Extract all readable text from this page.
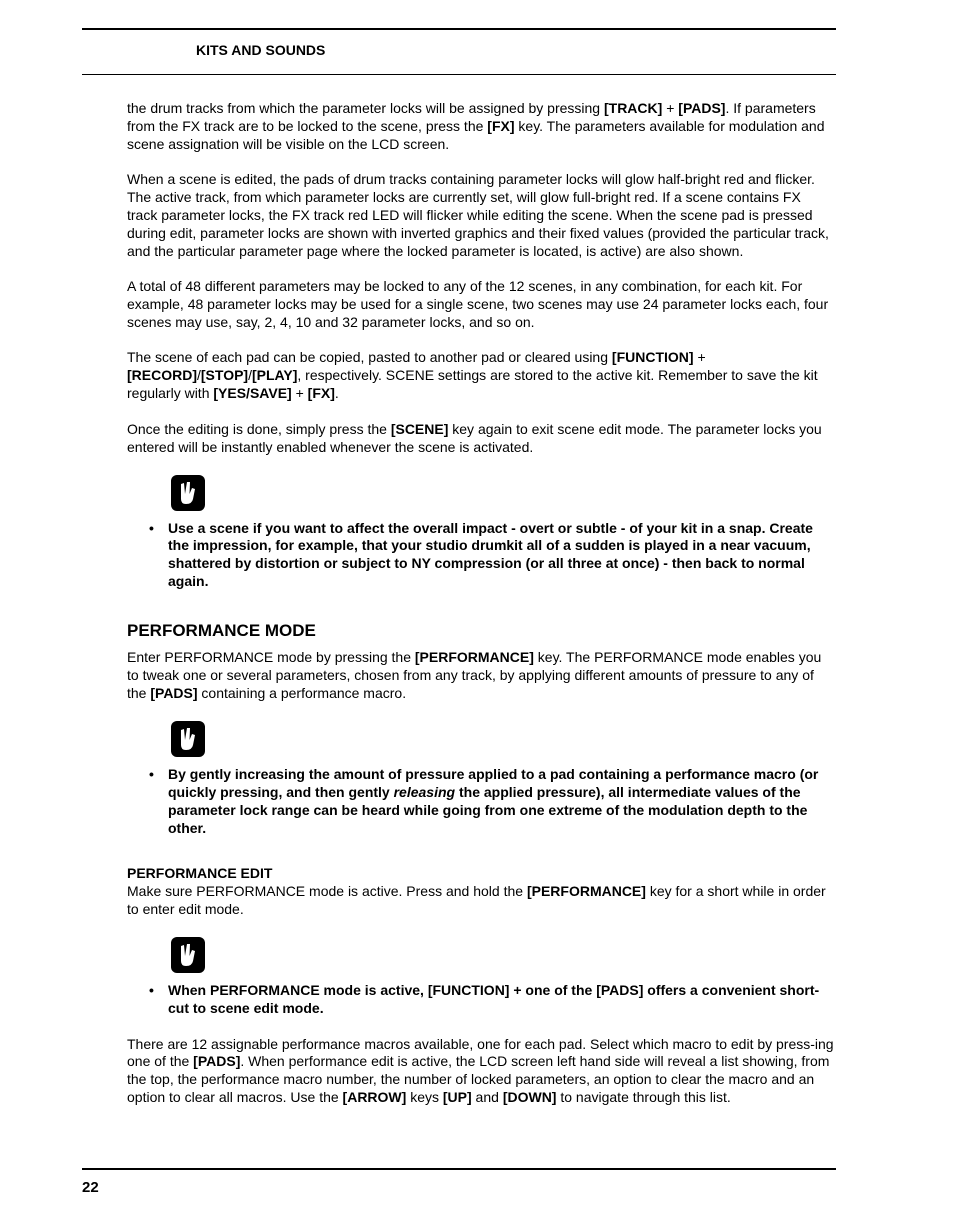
KITS AND SOUNDS

the drum tracks from which the parameter locks will be assigned by pressing [TRACK] + [PADS]. If parameters from the FX track are to be locked to the scene, press the [FX] key. The parameters available for modulation and scene assignation will be visible on the LCD screen.

When a scene is edited, the pads of drum tracks containing parameter locks will glow half-bright red and flicker. The active track, from which parameter locks are currently set, will glow full-bright red. If a scene contains FX track parameter locks, the FX track red LED will flicker while editing the scene. When the scene pad is pressed during edit, parameter locks are shown with inverted graphics and their fixed values (provided the particular track, and the particular parameter page where the locked parameter is located, is active) are also shown.

A total of 48 different parameters may be locked to any of the 12 scenes, in any combination, for each kit. For example, 48 parameter locks may be used for a single scene, two scenes may use 24 parameter locks each, four scenes may use, say, 2, 4, 10 and 32 parameter locks, and so on.

The scene of each pad can be copied, pasted to another pad or cleared using [FUNCTION] + [RECORD]/[STOP]/[PLAY], respectively. SCENE settings are stored to the active kit. Remember to save the kit regularly with [YES/SAVE] + [FX].

Once the editing is done, simply press the [SCENE] key again to exit scene edit mode. The parameter locks you entered will be instantly enabled whenever the scene is activated.

• Use a scene if you want to affect the overall impact - overt or subtle - of your kit in a snap. Create the impression, for example, that your studio drumkit all of a sudden is played in a near vacuum, shattered by distortion or subject to NY compression (or all three at once) - then back to normal again.
PERFORMANCE MODE

Enter PERFORMANCE mode by pressing the [PERFORMANCE] key. The PERFORMANCE mode enables you to tweak one or several parameters, chosen from any track, by applying different amounts of pressure to any of the [PADS] containing a performance macro.

• By gently increasing the amount of pressure applied to a pad containing a performance macro (or quickly pressing, and then gently releasing the applied pressure), all intermediate values of the parameter lock range can be heard while going from one extreme of the modulation depth to the other.
PERFORMANCE EDIT

Make sure PERFORMANCE mode is active. Press and hold the [PERFORMANCE] key for a short while in order to enter edit mode.

• When PERFORMANCE mode is active, [FUNCTION] + one of the [PADS] offers a convenient short-cut to scene edit mode.

There are 12 assignable performance macros available, one for each pad. Select which macro to edit by press-ing one of the [PADS]. When performance edit is active, the LCD screen left hand side will reveal a list showing, from the top, the performance macro number, the number of locked parameters, an option to clear the macro and an option to clear all macros. Use the [ARROW] keys [UP] and [DOWN] to navigate through this list.

22
